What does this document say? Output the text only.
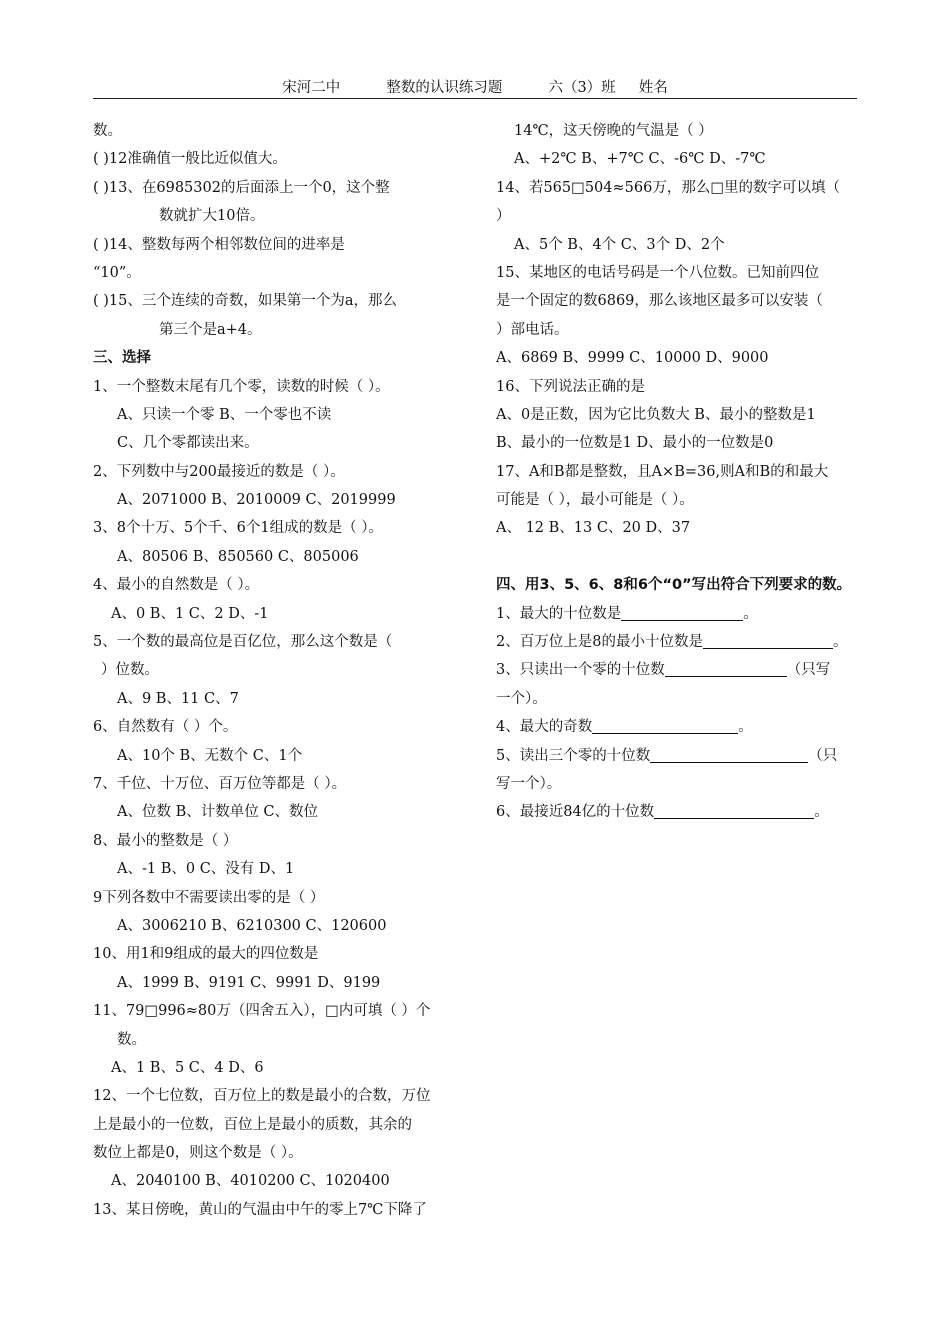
宋河二中          整数的认识练习题          六（3）班     姓名
数。
( )12准确值一般比近似值大。
( )13、在6985302的后面添上一个0，这个整
数就扩大10倍。
( )14、整数每两个相邻数位间的进率是
“10”。
( )15、三个连续的奇数，如果第一个为a，那么
第三个是a+4。
三、选择
1、一个整数末尾有几个零，读数的时候（ ）。
A、只读一个零 B、一个零也不读
C、几个零都读出来。
2、下列数中与200最接近的数是（ ）。
A、2071000 B、2010009 C、2019999
3、8个十万、5个千、6个1组成的数是（ ）。
A、80506 B、850560 C、805006
4、最小的自然数是（ ）。
A、0 B、1 C、2 D、-1
5、一个数的最高位是百亿位，那么这个数是（
）位数。
A、9 B、11 C、7
6、自然数有（ ）个。
A、10个 B、无数个 C、1个
7、千位、十万位、百万位等都是（ ）。
A、位数 B、计数单位 C、数位
8、最小的整数是（ ）
A、-1 B、0 C、没有 D、1
9下列各数中不需要读出零的是（ ）
A、3006210 B、6210300 C、120600
10、用1和9组成的最大的四位数是
A、1999 B、9191 C、9991 D、9199
11、79□996≈80万（四舍五入），□内可填（ ）个
数。
A、1 B、5 C、4 D、6
12、一个七位数，百万位上的数是最小的合数，万位
上是最小的一位数，百位上是最小的质数，其余的
数位上都是0，则这个数是（ ）。
A、2040100 B、4010200 C、1020400
13、某日傍晚，黄山的气温由中午的零上7℃下降了
14℃，这天傍晚的气温是（ ）
A、+2℃ B、+7℃ C、-6℃ D、-7℃
14、若565□504≈566万，那么□里的数字可以填（
）
A、5个 B、4个 C、3个 D、2个
15、某地区的电话号码是一个八位数。已知前四位
是一个固定的数6869，那么该地区最多可以安装（
）部电话。
A、6869 B、9999 C、10000 D、9000
16、下列说法正确的是
A、0是正数，因为它比负数大 B、最小的整数是1
B、最小的一位数是1 D、最小的一位数是0
17、A和B都是整数，且A×B=36,则A和B的和最大
可能是（ ），最小可能是（ ）。
A、 12 B、13 C、20 D、37
四、用3、5、6、8和6个“0”写出符合下列要求的数。
1、最大的十位数是	。
2、百万位上是8的最小十位数是	。
3、只读出一个零的十位数	（只写
一个）。
4、最大的奇数	。
5、读出三个零的十位数	（只
写一个）。
6、最接近84亿的十位数	。
